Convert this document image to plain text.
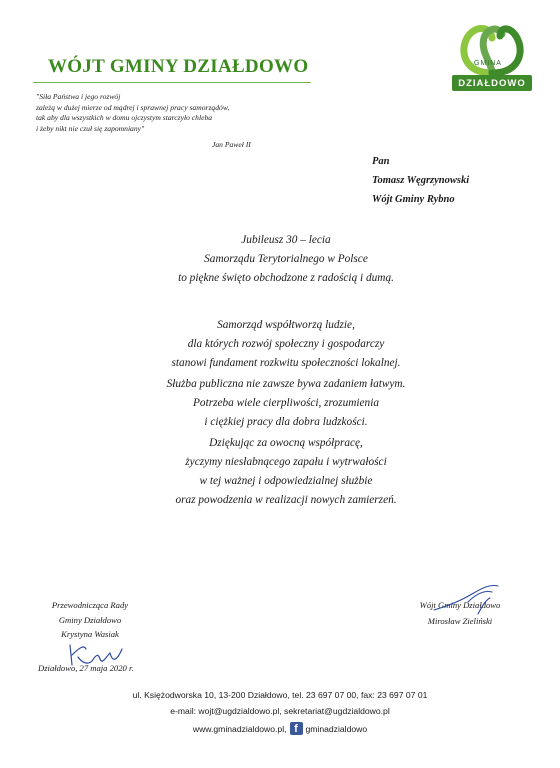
WÓJT GMINY DZIAŁDOWO	GMINA
DZIAŁDOWO
"Siła Państwa i jego rozwój
zależą w dużej mierze od mądrej i sprawnej pracy samorządów,
tak aby dla wszystkich w domu ojczystym starczyło chleba
i żeby nikt nie czuł się zapomniany"
Jan Paweł II
Pan
Tomasz Węgrzynowski
Wójt Gminy Rybno
Jubileusz 30 – lecia
Samorządu Terytorialnego w Polsce
to piękne święto obchodzone z radością i dumą.
Samorząd współtworzą ludzie,
dla których rozwój społeczny i gospodarczy
stanowi fundament rozkwitu społeczności lokalnej.
Służba publiczna nie zawsze bywa zadaniem łatwym.
Potrzeba wiele cierpliwości, zrozumienia
i ciężkiej pracy dla dobra ludzkości.
Dziękując za owocną współpracę,
życzymy niesłabnącego zapału i wytrwałości
w tej ważnej i odpowiedzialnej służbie
oraz powodzenia w realizacji nowych zamierzeń.
Przewodnicząca Rady
Gminy Działdowo
Krystyna Wasiak
Wójt Gminy Działdowo
Mirosław Zieliński
Działdowo, 27 maja 2020 r.
ul. Księżodworska 10, 13-200 Działdowo, tel. 23 697 07 00, fax: 23 697 07 01
e-mail: wojt@ugdzialdowo.pl, sekretariat@ugdzialdowo.pl
www.gminadzialdowo.pl, f gminadzialdowo
